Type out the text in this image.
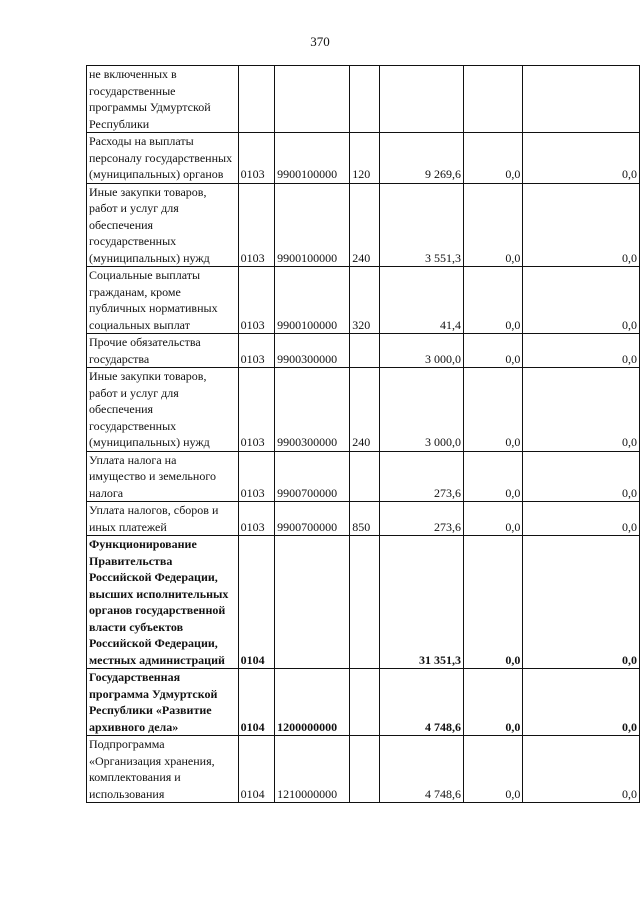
370
не включенных в государственные программы Удмуртской Республики						

Расходы на выплаты персоналу государственных (муниципальных) органов	0103	9900100000	120	9 269,6	0,0	0,0

Иные закупки товаров, работ и услуг для обеспечения государственных (муниципальных) нужд	0103	9900100000	240	3 551,3	0,0	0,0

Социальные выплаты гражданам, кроме публичных нормативных социальных выплат	0103	9900100000	320	41,4	0,0	0,0

Прочие обязательства государства	0103	9900300000		3 000,0	0,0	0,0

Иные закупки товаров, работ и услуг для обеспечения государственных (муниципальных) нужд	0103	9900300000	240	3 000,0	0,0	0,0

Уплата налога на имущество и земельного налога	0103	9900700000		273,6	0,0	0,0

Уплата налогов, сборов и иных платежей	0103	9900700000	850	273,6	0,0	0,0

Функционирование Правительства Российской Федерации, высших исполнительных органов государственной власти субъектов Российской Федерации, местных администраций	0104			31 351,3	0,0	0,0

Государственная программа Удмуртской Республики «Развитие архивного дела»	0104	1200000000		4 748,6	0,0	0,0

Подпрограмма «Организация хранения, комплектования и использования	0104	1210000000		4 748,6	0,0	0,0
